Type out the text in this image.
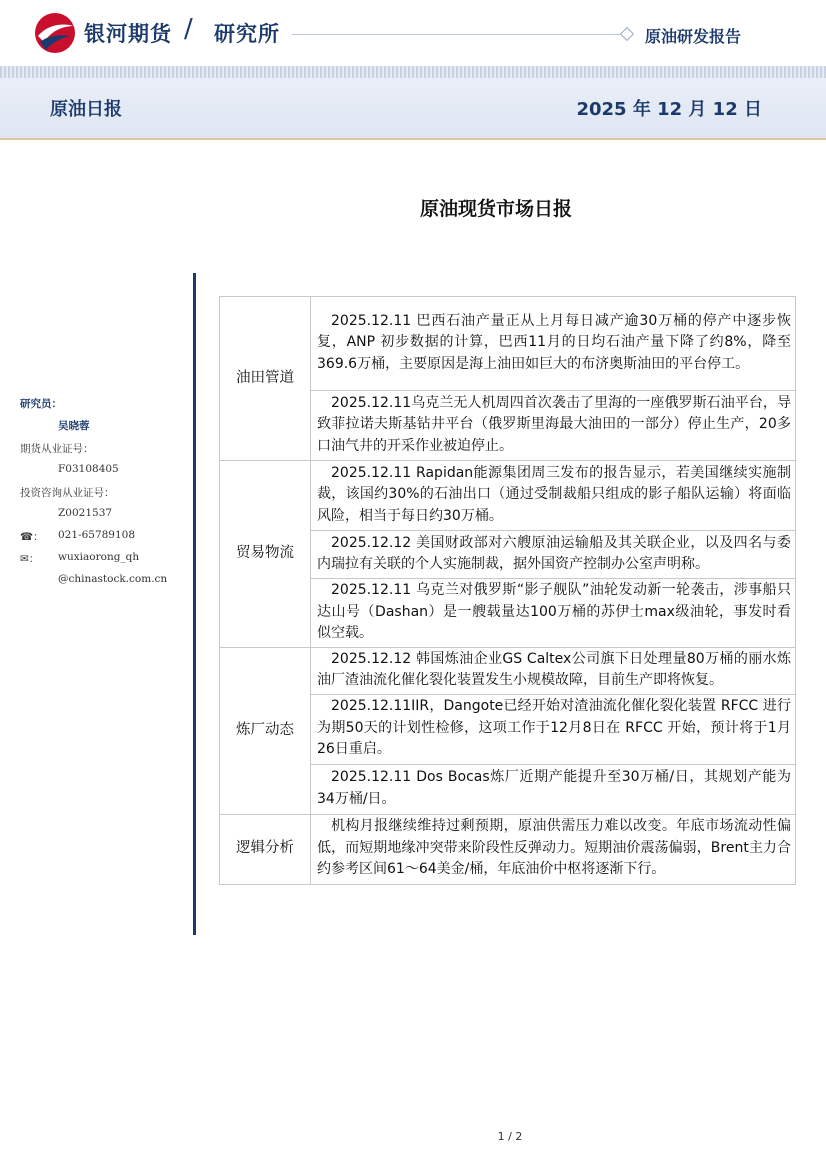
银河期货 / 研究所	原油研发报告
原油日报	2025 年 12 月 12 日
原油现货市场日报
研究员：
吴晓蓉
期货从业证号：
F03108405
投资咨询从业证号：
Z0021537
☎： 021-65789108
✉： wuxiaorong_qh
@chinastock.com.cn
油田管道	2025.12.11 巴西石油产量正从上月每日减产逾30万桶的停产中逐步恢复，ANP 初步数据的计算，巴西11月的日均石油产量下降了约8%，降至369.6万桶，主要原因是海上油田如巨大的布济奥斯油田的平台停工。
	2025.12.11乌克兰无人机周四首次袭击了里海的一座俄罗斯石油平台，导致菲拉诺夫斯基钻井平台（俄罗斯里海最大油田的一部分）停止生产，20多口油气井的开采作业被迫停止。
贸易物流	2025.12.11 Rapidan能源集团周三发布的报告显示，若美国继续实施制裁，该国约30%的石油出口（通过受制裁船只组成的影子船队运输）将面临风险，相当于每日约30万桶。
	2025.12.12 美国财政部对六艘原油运输船及其关联企业，以及四名与委内瑞拉有关联的个人实施制裁，据外国资产控制办公室声明称。
	2025.12.11 乌克兰对俄罗斯“影子舰队”油轮发动新一轮袭击，涉事船只达山号（Dashan）是一艘载量达100万桶的苏伊士max级油轮，事发时看似空载。
炼厂动态	2025.12.12 韩国炼油企业GS Caltex公司旗下日处理量80万桶的丽水炼油厂渣油流化催化裂化装置发生小规模故障，目前生产即将恢复。
	2025.12.11IIR，Dangote已经开始对渣油流化催化裂化装置 RFCC 进行为期50天的计划性检修，这项工作于12月8日在 RFCC 开始，预计将于1月26日重启。
	2025.12.11 Dos Bocas炼厂近期产能提升至30万桶/日，其规划产能为34万桶/日。
逻辑分析	机构月报继续维持过剩预期，原油供需压力难以改变。年底市场流动性偏低，而短期地缘冲突带来阶段性反弹动力。短期油价震荡偏弱，Brent主力合约参考区间61～64美金/桶，年底油价中枢将逐渐下行。
1 / 2
